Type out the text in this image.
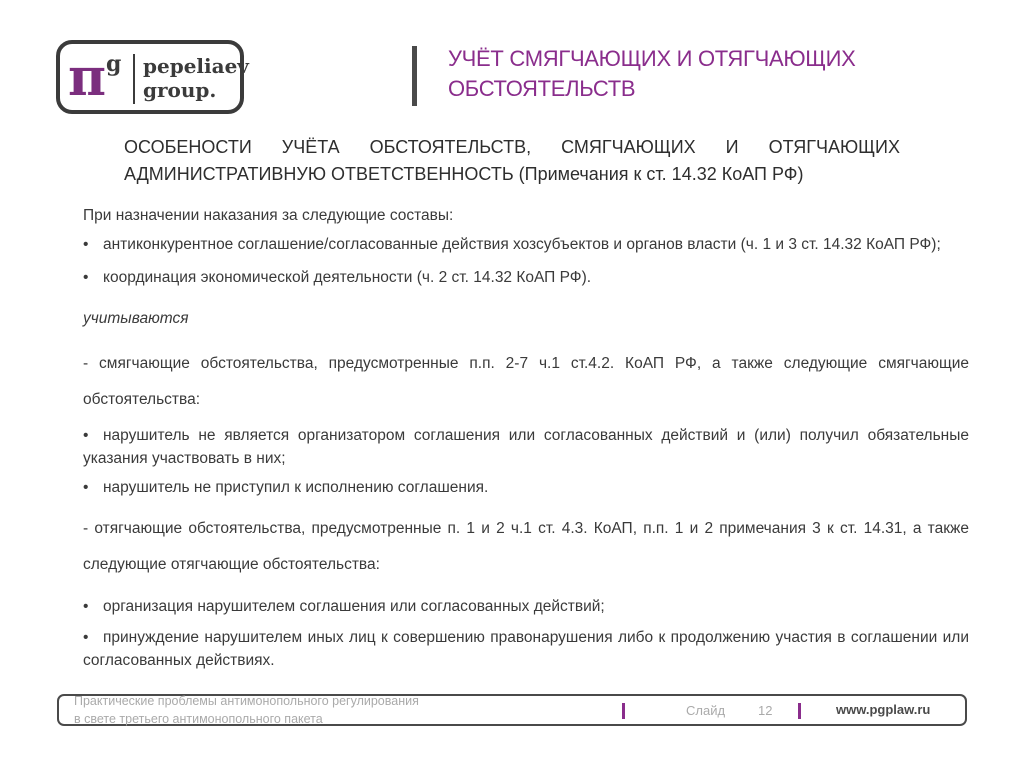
π g pepeliaev
group.
УЧЁТ СМЯГЧАЮЩИХ И ОТЯГЧАЮЩИХ
ОБСТОЯТЕЛЬСТВ
ОСОБЕНОСТИ УЧЁТА ОБСТОЯТЕЛЬСТВ, СМЯГЧАЮЩИХ И ОТЯГЧАЮЩИХ
АДМИНИСТРАТИВНУЮ ОТВЕТСТВЕННОСТЬ (Примечания к ст. 14.32 КоАП РФ)

При назначении наказания за следующие составы:

• антиконкурентное соглашение/согласованные действия хозсубъектов и органов власти (ч. 1 и 3 ст. 14.32 КоАП РФ);

• координация экономической деятельности (ч. 2 ст. 14.32 КоАП РФ).

учитываются

- смягчающие обстоятельства, предусмотренные п.п. 2-7 ч.1 ст.4.2. КоАП РФ, а также следующие смягчающие обстоятельства:

• нарушитель не является организатором соглашения или согласованных действий и (или) получил обязательные указания участвовать в них;

• нарушитель не приступил к исполнению соглашения.

- отягчающие обстоятельства, предусмотренные п. 1 и 2 ч.1 ст. 4.3. КоАП, п.п. 1 и 2 примечания 3 к ст. 14.31, а также следующие отягчающие обстоятельства:

• организация нарушителем соглашения или согласованных действий;

• принуждение нарушителем иных лиц к совершению правонарушения либо к продолжению участия в соглашении или согласованных действиях.

Практические проблемы антимонопольного регулирования
в свете третьего антимонопольного пакета
Слайд	12	www.pgplaw.ru
